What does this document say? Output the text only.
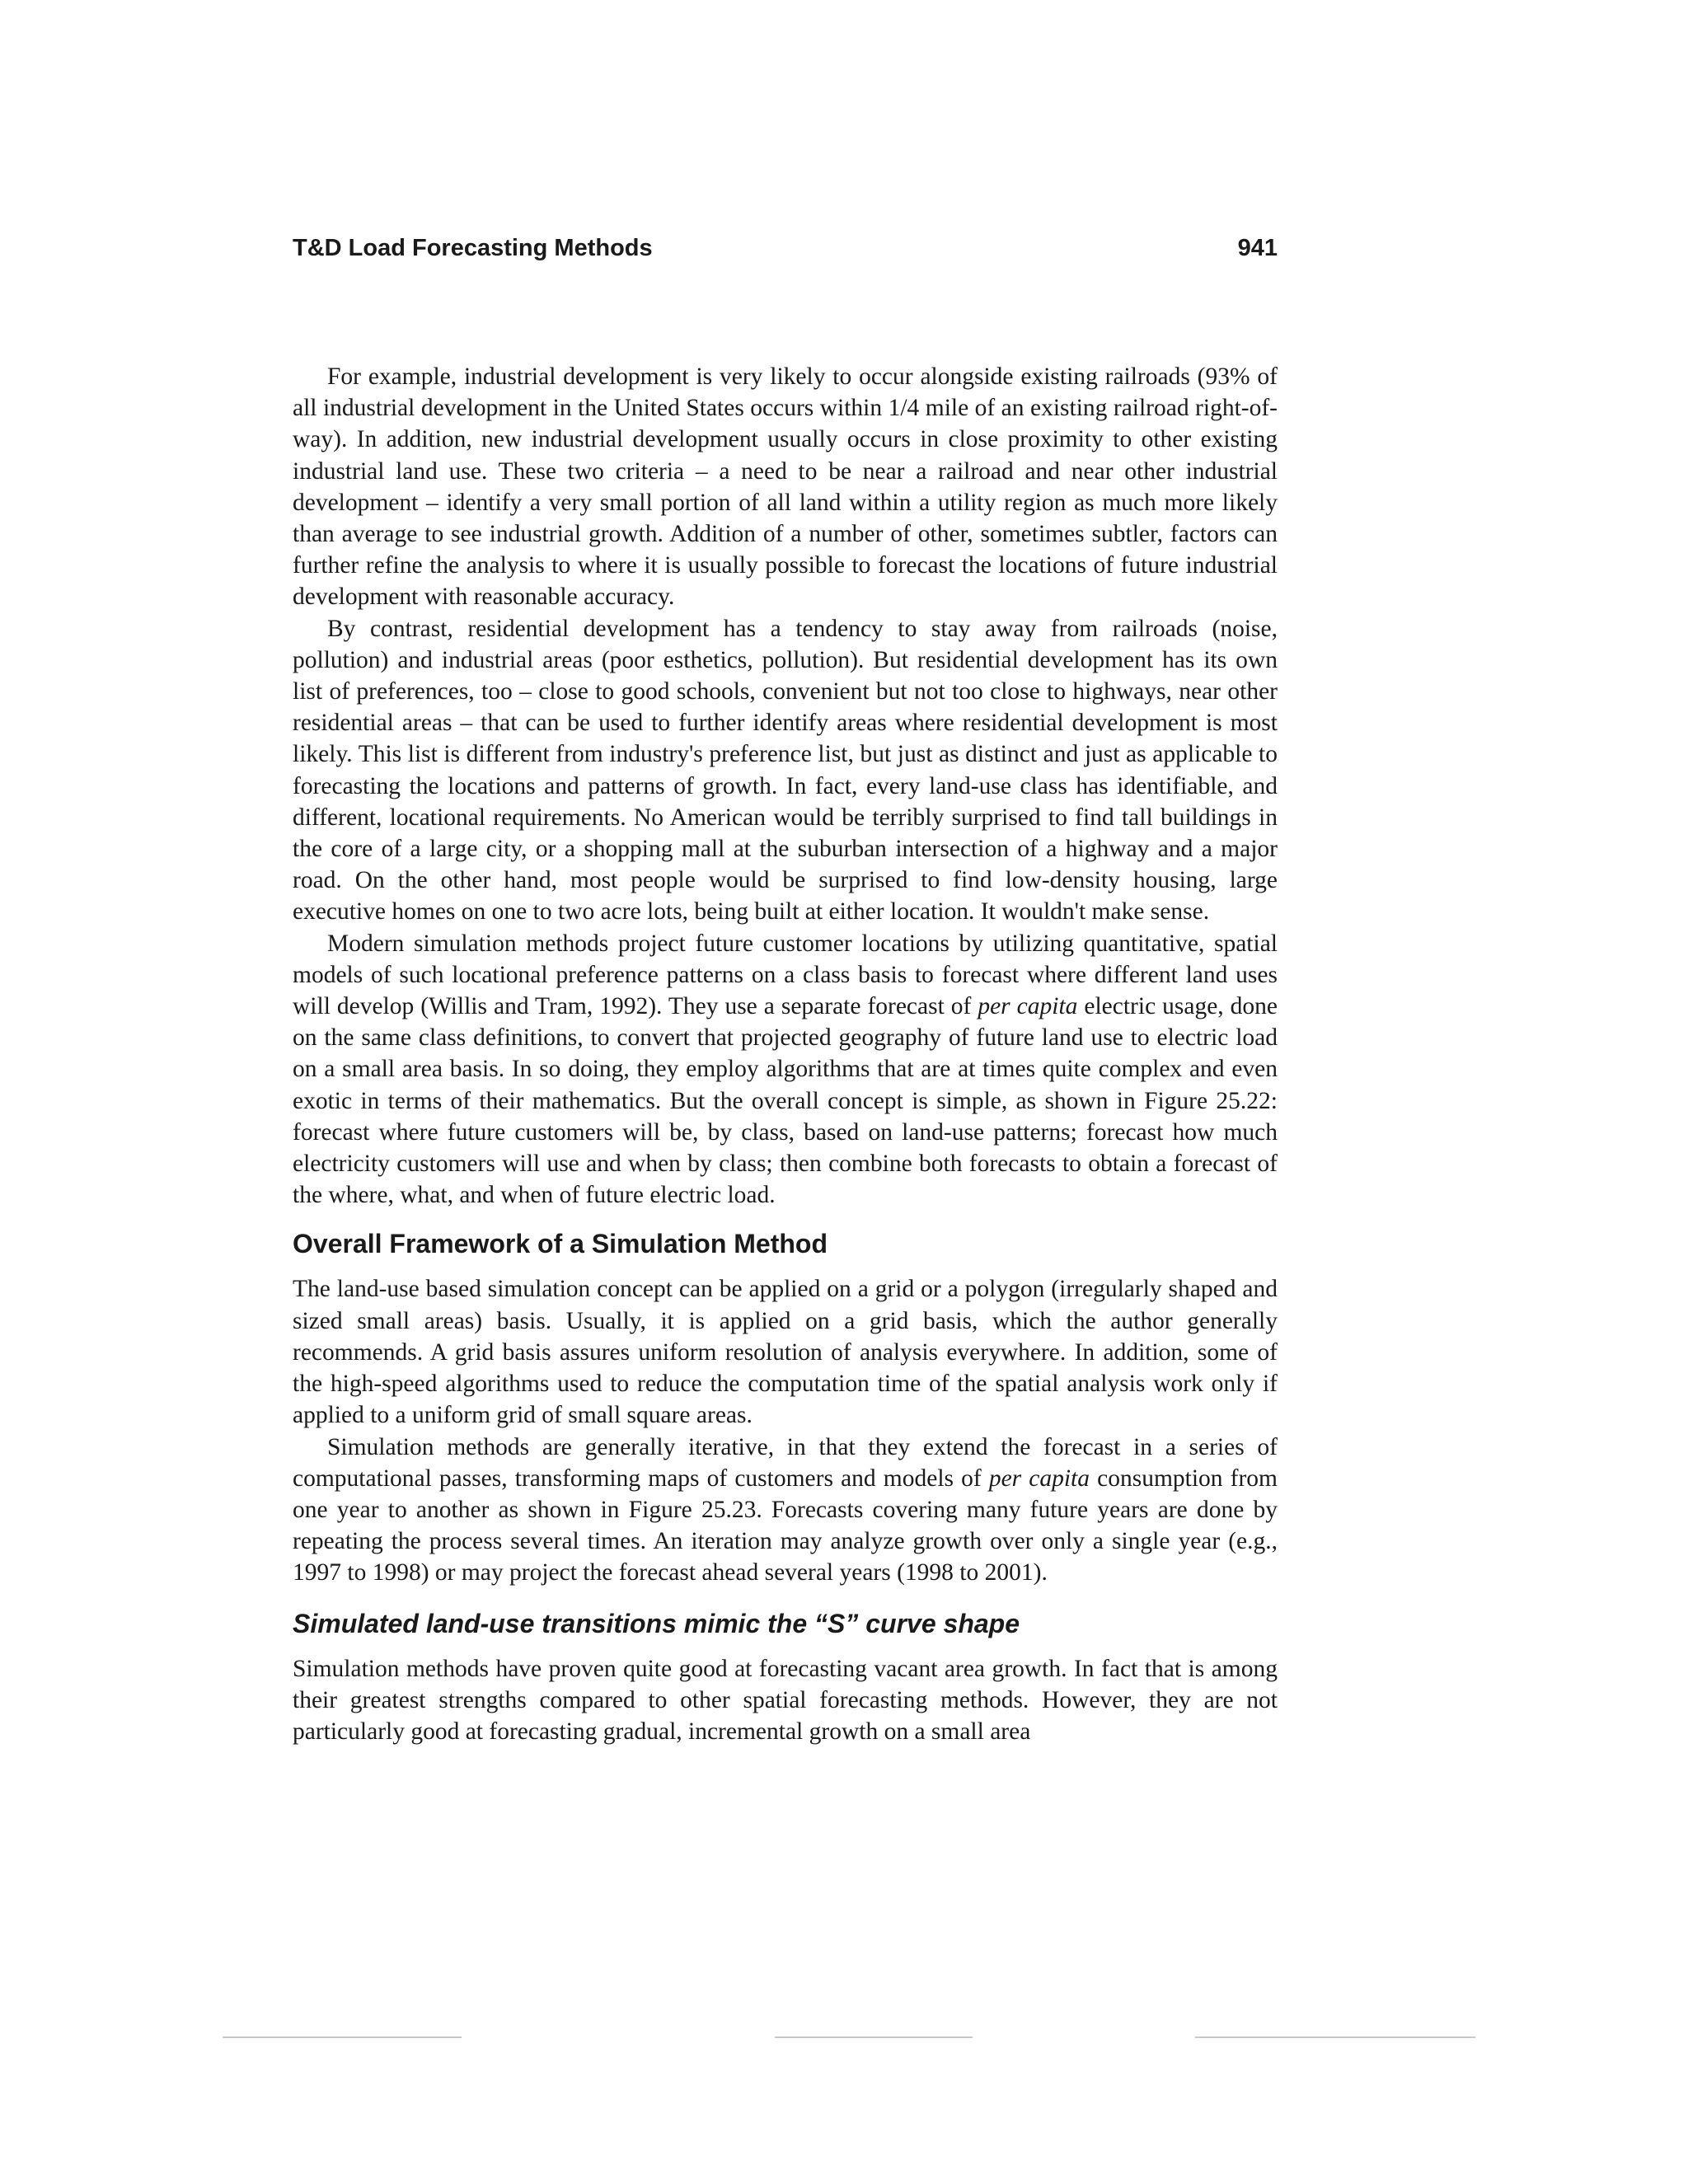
T&D Load Forecasting Methods	941

For example, industrial development is very likely to occur alongside existing railroads (93% of all industrial development in the United States occurs within 1/4 mile of an existing railroad right-of-way). In addition, new industrial development usually occurs in close proximity to other existing industrial land use. These two criteria – a need to be near a railroad and near other industrial development – identify a very small portion of all land within a utility region as much more likely than average to see industrial growth. Addition of a number of other, sometimes subtler, factors can further refine the analysis to where it is usually possible to forecast the locations of future industrial development with reasonable accuracy.

By contrast, residential development has a tendency to stay away from railroads (noise, pollution) and industrial areas (poor esthetics, pollution). But residential development has its own list of preferences, too – close to good schools, convenient but not too close to highways, near other residential areas – that can be used to further identify areas where residential development is most likely. This list is different from industry's preference list, but just as distinct and just as applicable to forecasting the locations and patterns of growth. In fact, every land-use class has identifiable, and different, locational requirements. No American would be terribly surprised to find tall buildings in the core of a large city, or a shopping mall at the suburban intersection of a highway and a major road. On the other hand, most people would be surprised to find low-density housing, large executive homes on one to two acre lots, being built at either location. It wouldn't make sense.

Modern simulation methods project future customer locations by utilizing quantitative, spatial models of such locational preference patterns on a class basis to forecast where different land uses will develop (Willis and Tram, 1992). They use a separate forecast of per capita electric usage, done on the same class definitions, to convert that projected geography of future land use to electric load on a small area basis. In so doing, they employ algorithms that are at times quite complex and even exotic in terms of their mathematics. But the overall concept is simple, as shown in Figure 25.22: forecast where future customers will be, by class, based on land-use patterns; forecast how much electricity customers will use and when by class; then combine both forecasts to obtain a forecast of the where, what, and when of future electric load.

Overall Framework of a Simulation Method

The land-use based simulation concept can be applied on a grid or a polygon (irregularly shaped and sized small areas) basis. Usually, it is applied on a grid basis, which the author generally recommends. A grid basis assures uniform resolution of analysis everywhere. In addition, some of the high-speed algorithms used to reduce the computation time of the spatial analysis work only if applied to a uniform grid of small square areas.

Simulation methods are generally iterative, in that they extend the forecast in a series of computational passes, transforming maps of customers and models of per capita consumption from one year to another as shown in Figure 25.23. Forecasts covering many future years are done by repeating the process several times. An iteration may analyze growth over only a single year (e.g., 1997 to 1998) or may project the forecast ahead several years (1998 to 2001).

Simulated land-use transitions mimic the “S” curve shape

Simulation methods have proven quite good at forecasting vacant area growth. In fact that is among their greatest strengths compared to other spatial forecasting methods. However, they are not particularly good at forecasting gradual, incremental growth on a small area
